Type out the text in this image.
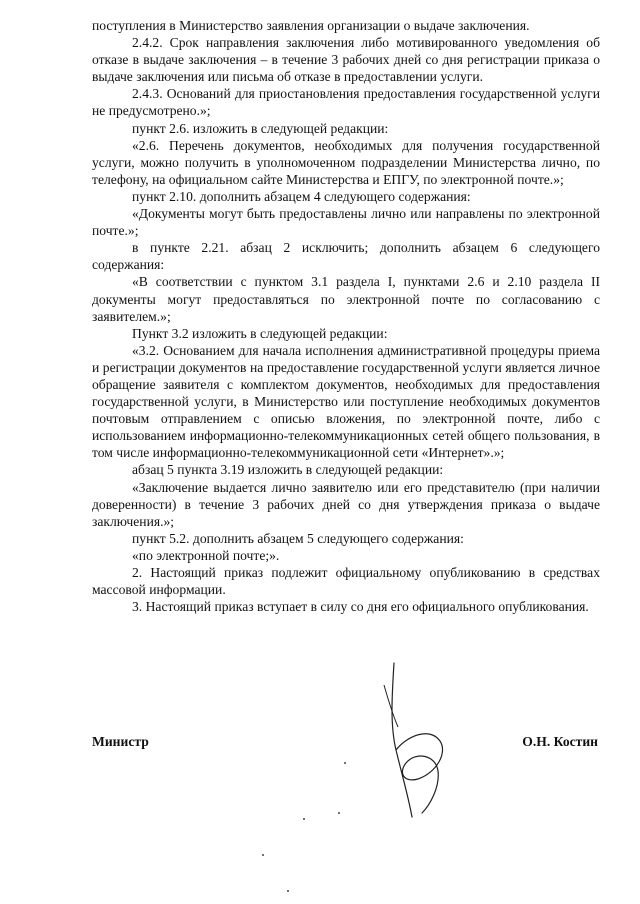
поступления в Министерство заявления организации о выдаче заключения.

2.4.2. Срок направления заключения либо мотивированного уведомления об отказе в выдаче заключения – в течение 3 рабочих дней со дня регистрации приказа о выдаче заключения или письма об отказе в предоставлении услуги.

2.4.3. Оснований для приостановления предоставления государственной услуги не предусмотрено.»;

пункт 2.6. изложить в следующей редакции:

«2.6. Перечень документов, необходимых для получения государственной услуги, можно получить в уполномоченном подразделении Министерства лично, по телефону, на официальном сайте Министерства и ЕПГУ, по электронной почте.»;

пункт 2.10. дополнить абзацем 4 следующего содержания:

«Документы могут быть предоставлены лично или направлены по электронной почте.»;

в пункте 2.21. абзац 2 исключить; дополнить абзацем 6 следующего содержания:

«В соответствии с пунктом 3.1 раздела I, пунктами 2.6 и 2.10 раздела II документы могут предоставляться по электронной почте по согласованию с заявителем.»;

Пункт 3.2 изложить в следующей редакции:

«3.2. Основанием для начала исполнения административной процедуры приема и регистрации документов на предоставление государственной услуги является личное обращение заявителя с комплектом документов, необходимых для предоставления государственной услуги, в Министерство или поступление необходимых документов почтовым отправлением с описью вложения, по электронной почте, либо с использованием информационно-телекоммуникационных сетей общего пользования, в том числе информационно-телекоммуникационной сети «Интернет».»;

абзац 5 пункта 3.19 изложить в следующей редакции:

«Заключение выдается лично заявителю или его представителю (при наличии доверенности) в течение 3 рабочих дней со дня утверждения приказа о выдаче заключения.»;

пункт 5.2. дополнить абзацем 5 следующего содержания:

«по электронной почте;».

2. Настоящий приказ подлежит официальному опубликованию в средствах массовой информации.

3. Настоящий приказ вступает в силу со дня его официального опубликования.

Министр	О.Н. Костин
